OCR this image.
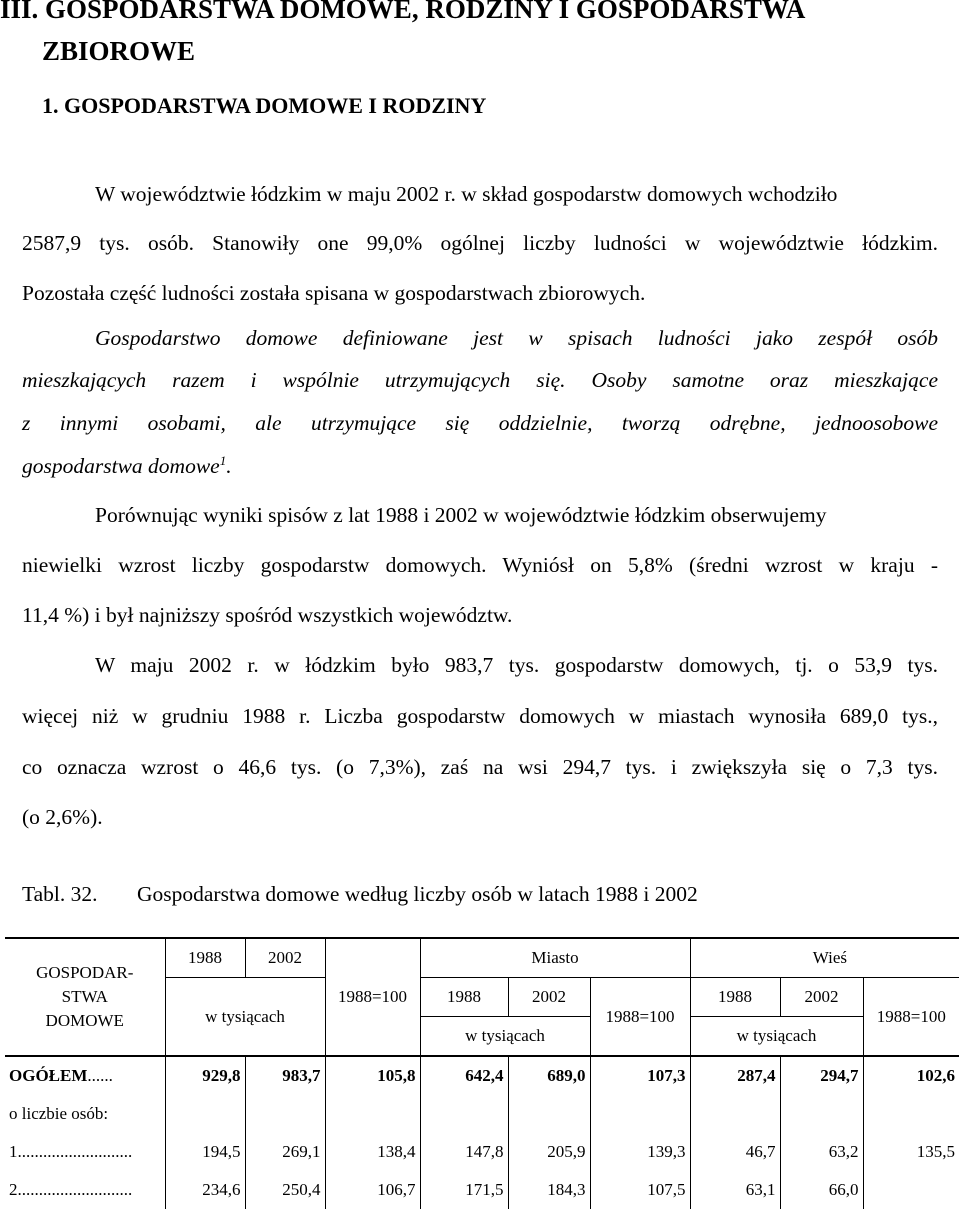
III. GOSPODARSTWA DOMOWE, RODZINY I GOSPODARSTWA

ZBIOROWE

1. GOSPODARSTWA DOMOWE I RODZINY

W województwie łódzkim w maju 2002 r. w skład gospodarstw domowych wchodziło

2587,9 tys. osób. Stanowiły one 99,0% ogólnej liczby ludności w województwie łódzkim.

Pozostała część ludności została spisana w gospodarstwach zbiorowych.

Gospodarstwo domowe definiowane jest w spisach ludności jako zespół osób

mieszkających razem i wspólnie utrzymujących się. Osoby samotne oraz mieszkające

z innymi osobami, ale utrzymujące się oddzielnie, tworzą odrębne, jednoosobowe

gospodarstwa domowe$^1$.

Porównując wyniki spisów z lat 1988 i 2002 w województwie łódzkim obserwujemy

niewielki wzrost liczby gospodarstw domowych. Wyniósł on 5,8% (średni wzrost w kraju -

11,4 %) i był najniższy spośród wszystkich województw.

W maju 2002 r. w łódzkim było 983,7 tys. gospodarstw domowych, tj. o 53,9 tys.

więcej niż w grudniu 1988 r. Liczba gospodarstw domowych w miastach wynosiła 689,0 tys.,

co oznacza wzrost o 46,6 tys. (o 7,3%), zaś na wsi 294,7 tys. i zwiększyła się o 7,3 tys.

(o 2,6%).

Tabl. 32. Gospodarstwa domowe według liczby osób w latach 1988 i 2002

GOSPODAR-
STWA
DOMOWE	1988	2002	1988=100	Miasto			Wieś		
	w tysiącach			1988	2002	1988=100	1988	2002	1988=100
				w tysiącach			w tysiącach		
OGÓŁEM......	929,8	983,7	105,8	642,4	689,0	107,3	287,4	294,7	102,6
o liczbie osób:									
1...........................	194,5	269,1	138,4	147,8	205,9	139,3	46,7	63,2	135,5
2...........................	234,6	250,4	106,7	171,5	184,3	107,5	63,1	66,0	
